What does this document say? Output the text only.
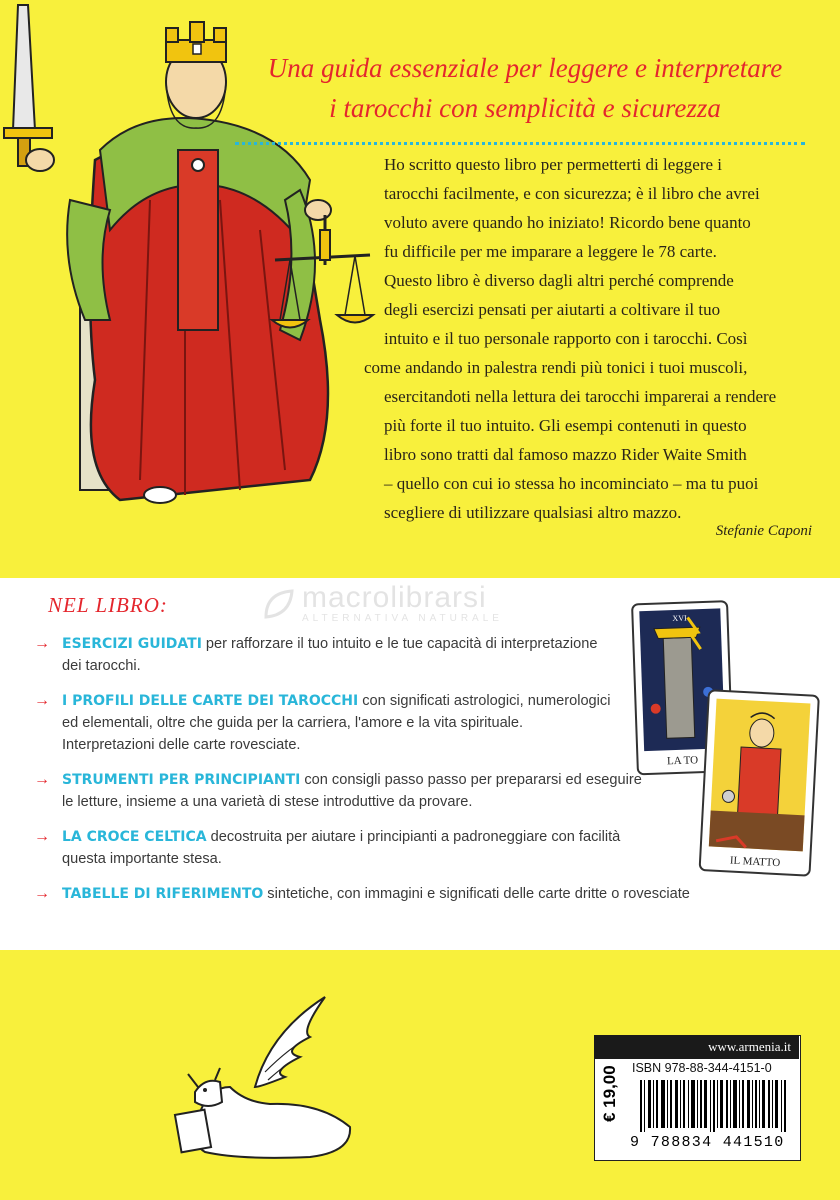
Una guida essenziale per leggere e interpretare
i tarocchi con semplicità e sicurezza

Ho scritto questo libro per permetterti di leggere i

tarocchi facilmente, e con sicurezza; è il libro che avrei

voluto avere quando ho iniziato! Ricordo bene quanto

fu difficile per me imparare a leggere le 78 carte.

Questo libro è diverso dagli altri perché comprende

degli esercizi pensati per aiutarti a coltivare il tuo

intuito e il tuo personale rapporto con i tarocchi. Così

come andando in palestra rendi più tonici i tuoi muscoli,

esercitandoti nella lettura dei tarocchi imparerai a rendere

più forte il tuo intuito. Gli esempi contenuti in questo

libro sono tratti dal famoso mazzo Rider Waite Smith

– quello con cui io stessa ho incominciato – ma tu puoi

scegliere di utilizzare qualsiasi altro mazzo.

Stefanie Caponi
macrolibrarsi
ALTERNATIVA NATURALE
NEL LIBRO:
→ ESERCIZI GUIDATI per rafforzare il tuo intuito e le tue capacità di interpretazione
dei tarocchi.
→ I PROFILI DELLE CARTE DEI TAROCCHI con significati astrologici, numerologici
ed elementali, oltre che guida per la carriera, l'amore e la vita spirituale.
Interpretazioni delle carte rovesciate.
→ STRUMENTI PER PRINCIPIANTI con consigli passo passo per prepararsi ed eseguire
le letture, insieme a una varietà di stese introduttive da provare.
→ LA CROCE CELTICA decostruita per aiutare i principianti a padroneggiare con facilità
questa importante stesa.
→ TABELLE DI RIFERIMENTO sintetiche, con immagini e significati delle carte dritte o rovesciate
XVI
LA TO
IL MATTO
www.armenia.it
ISBN 978-88-344-4151-0
€ 19,00
9 788834 441510
